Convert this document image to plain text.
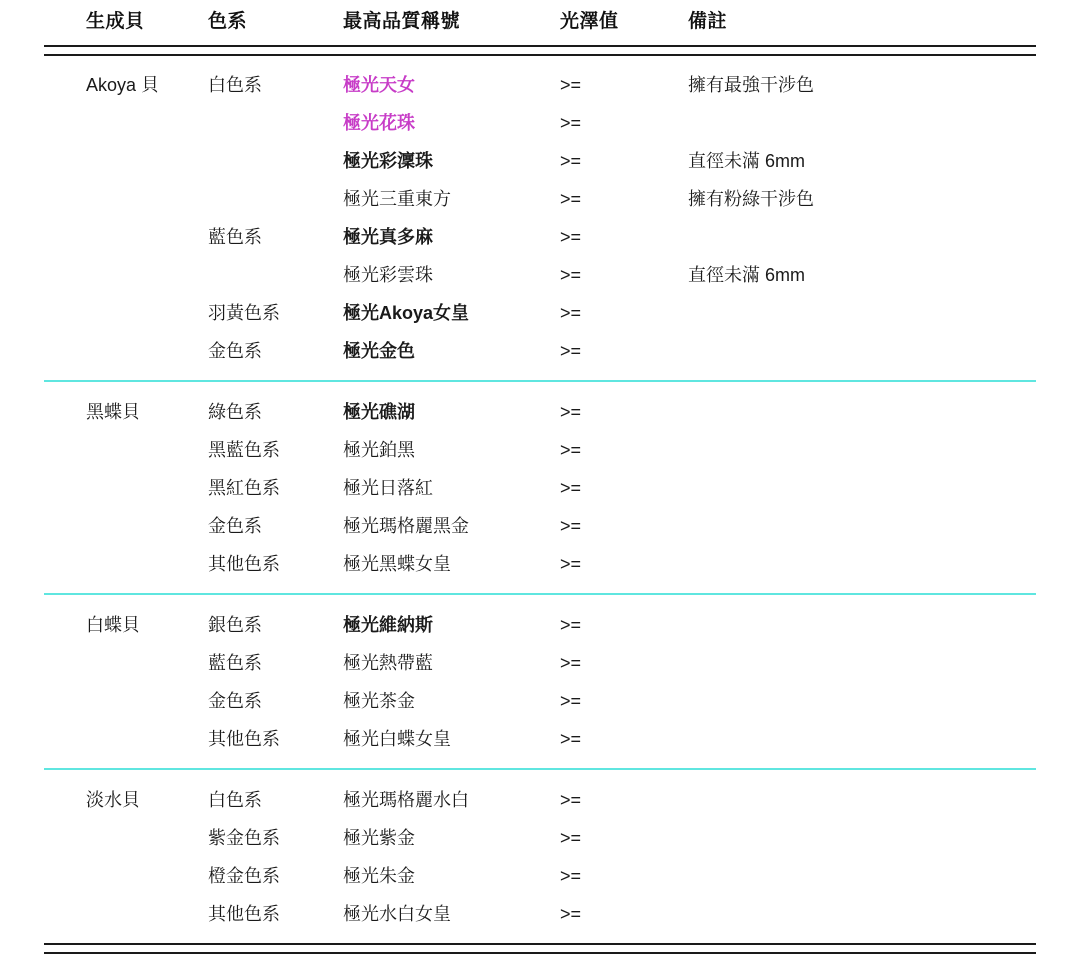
生成貝	色系	最高品質稱號	光澤值	備註

Akoya 貝	白色系	極光天女	>=	擁有最強干涉色

		極光花珠	>=	

		極光彩澟珠	>=	直徑未滿 6mm

		極光三重東方	>=	擁有粉綠干涉色

	藍色系	極光真多麻	>=	

		極光彩雲珠	>=	直徑未滿 6mm

	羽黃色系	極光Akoya女皇	>=	

	金色系	極光金色	>=	

黑蝶貝	綠色系	極光礁湖	>=	

	黑藍色系	極光鉑黑	>=	

	黑紅色系	極光日落紅	>=	

	金色系	極光瑪格麗黑金	>=	

	其他色系	極光黑蝶女皇	>=	

白蝶貝	銀色系	極光維納斯	>=	

	藍色系	極光熱帶藍	>=	

	金色系	極光茶金	>=	

	其他色系	極光白蝶女皇	>=	

淡水貝	白色系	極光瑪格麗水白	>=	

	紫金色系	極光紫金	>=	

	橙金色系	極光朱金	>=	

	其他色系	極光水白女皇	>=	
